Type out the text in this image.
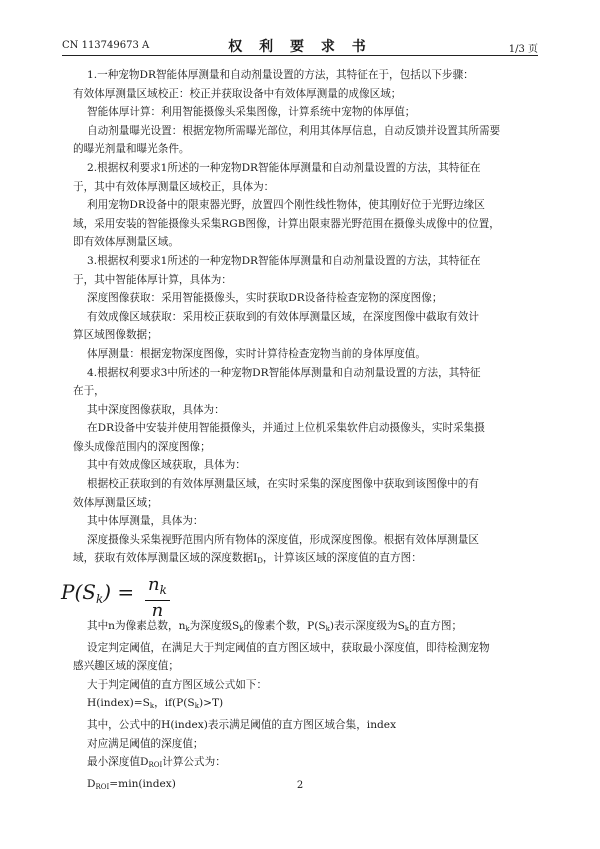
CN 113749673 A	权 利 要 求 书	1/3 页

1.一种宠物DR智能体厚测量和自动剂量设置的方法，其特征在于，包括以下步骤：

有效体厚测量区域校正：校正并获取设备中有效体厚测量的成像区域；

智能体厚计算：利用智能摄像头采集图像，计算系统中宠物的体厚值；

自动剂量曝光设置：根据宠物所需曝光部位，利用其体厚信息，自动反馈并设置其所需要

的曝光剂量和曝光条件。

2.根据权利要求1所述的一种宠物DR智能体厚测量和自动剂量设置的方法，其特征在

于，其中有效体厚测量区域校正，具体为：

利用宠物DR设备中的限束器光野，放置四个刚性线性物体，使其刚好位于光野边缘区

域，采用安装的智能摄像头采集RGB图像，计算出限束器光野范围在摄像头成像中的位置，

即有效体厚测量区域。

3.根据权利要求1所述的一种宠物DR智能体厚测量和自动剂量设置的方法，其特征在

于，其中智能体厚计算，具体为：

深度图像获取：采用智能摄像头，实时获取DR设备待检查宠物的深度图像；

有效成像区域获取：采用校正获取到的有效体厚测量区域，在深度图像中截取有效计

算区域图像数据；

体厚测量：根据宠物深度图像，实时计算待检查宠物当前的身体厚度值。

4.根据权利要求3中所述的一种宠物DR智能体厚测量和自动剂量设置的方法，其特征

在于，

其中深度图像获取，具体为：

在DR设备中安装并使用智能摄像头，并通过上位机采集软件启动摄像头，实时采集摄

像头成像范围内的深度图像；

其中有效成像区域获取，具体为：

根据校正获取到的有效体厚测量区域，在实时采集的深度图像中获取到该图像中的有

效体厚测量区域；

其中体厚测量，具体为：

深度摄像头采集视野范围内所有物体的深度值，形成深度图像。根据有效体厚测量区

域，获取有效体厚测量区域的深度数据$I_D$，计算该区域的深度值的直方图：

$P(S_k) = \frac{n_k}{n}$

其中n为像素总数，$n_k$为深度级$S_k$的像素个数，$P(S_k)$表示深度级为$S_k$的直方图；

设定判定阈值，在满足大于判定阈值的直方图区域中，获取最小深度值，即待检测宠物

感兴趣区域的深度值；

大于判定阈值的直方图区域公式如下：

$H(index)=S_k$，$if(P(S_k)>T)$

其中，公式中的H(index)表示满足阈值的直方图区域合集，index

对应满足阈值的深度值；

最小深度值$D_{ROI}$计算公式为：

$D_{ROI}=\min(index)$	2
